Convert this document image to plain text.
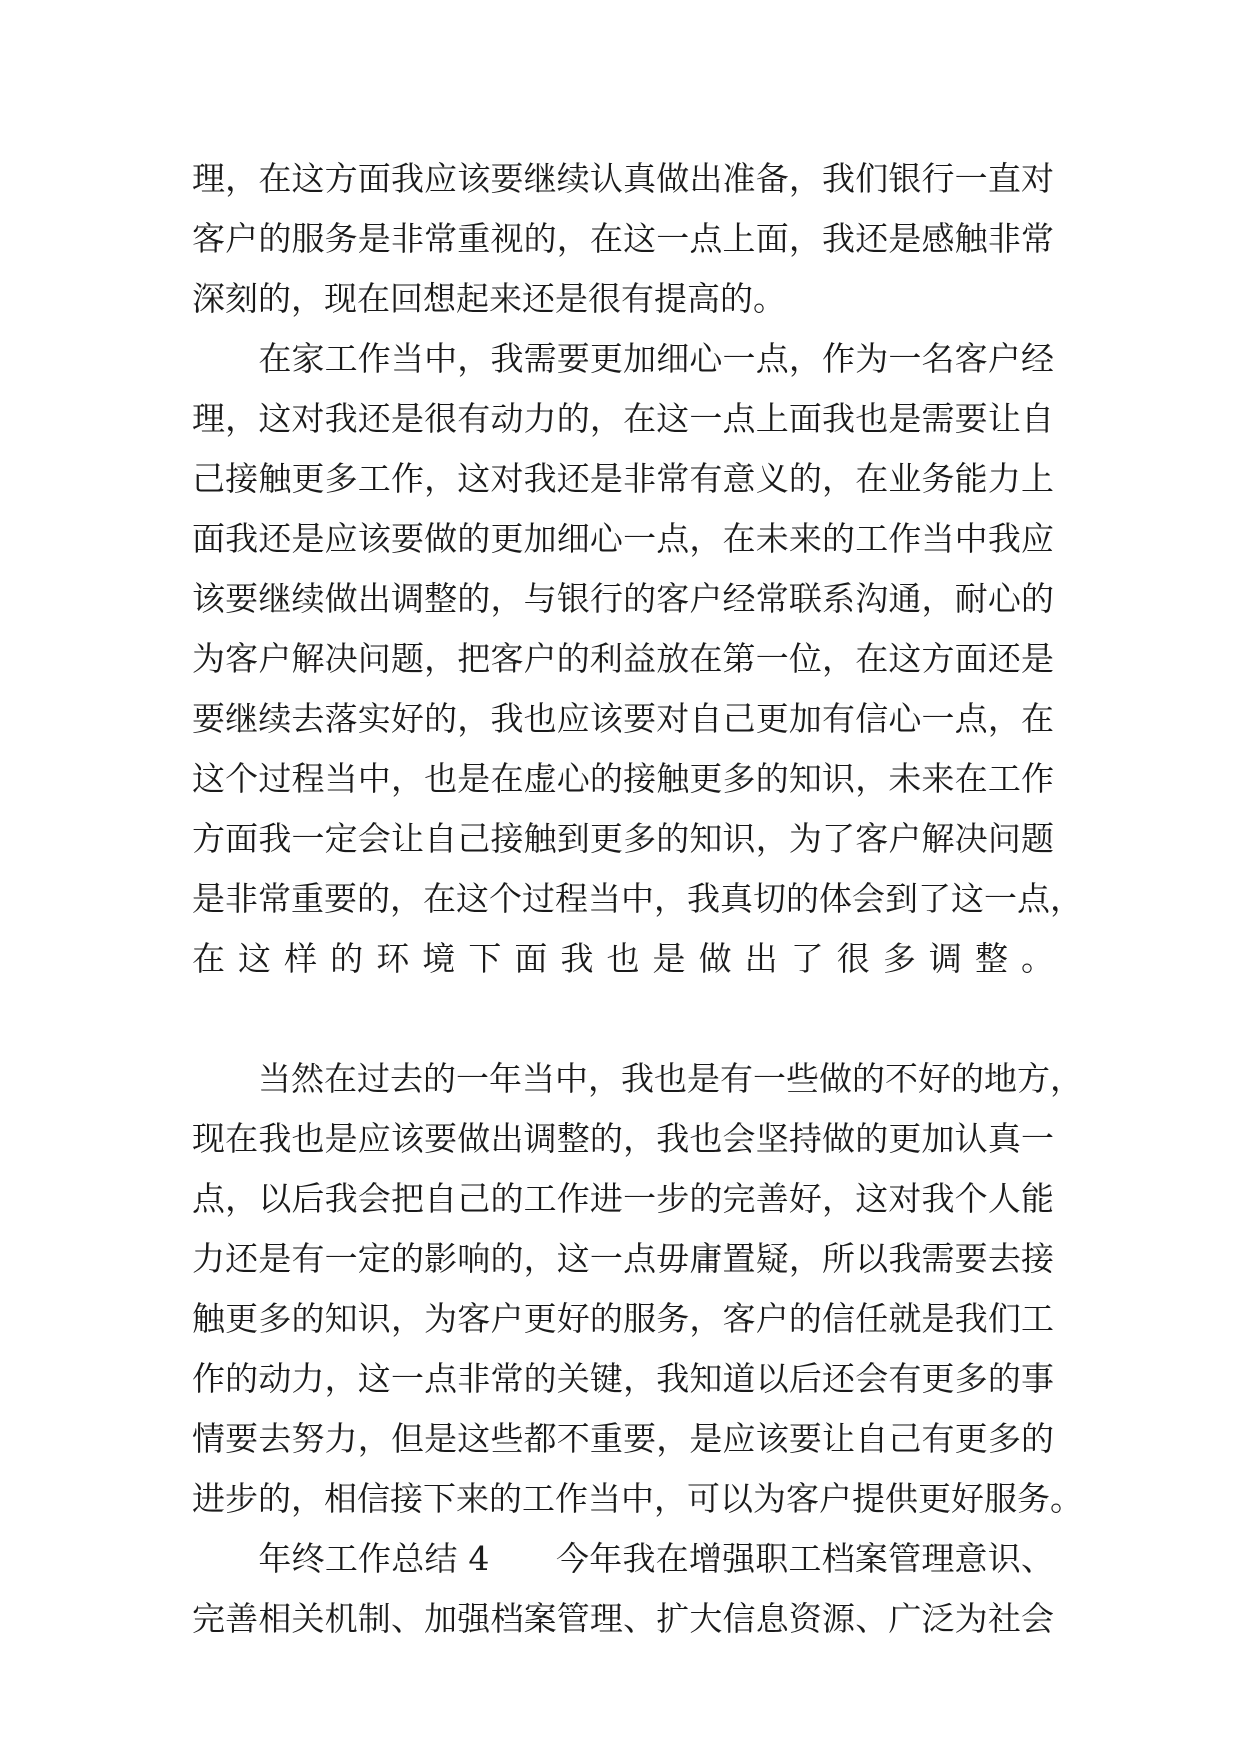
理，在这方面我应该要继续认真做出准备，我们银行一直对
客户的服务是非常重视的，在这一点上面，我还是感触非常
深刻的，现在回想起来还是很有提高的。
　　在家工作当中，我需要更加细心一点，作为一名客户经
理，这对我还是很有动力的，在这一点上面我也是需要让自
己接触更多工作，这对我还是非常有意义的，在业务能力上
面我还是应该要做的更加细心一点，在未来的工作当中我应
该要继续做出调整的，与银行的客户经常联系沟通，耐心的
为客户解决问题，把客户的利益放在第一位，在这方面还是
要继续去落实好的，我也应该要对自己更加有信心一点，在
这个过程当中，也是在虚心的接触更多的知识，未来在工作
方面我一定会让自己接触到更多的知识，为了客户解决问题
是非常重要的，在这个过程当中，我真切的体会到了这一点，
在这样的环境下面我也是做出了很多调整。
　　当然在过去的一年当中，我也是有一些做的不好的地方，
现在我也是应该要做出调整的，我也会坚持做的更加认真一
点，以后我会把自己的工作进一步的完善好，这对我个人能
力还是有一定的影响的，这一点毋庸置疑，所以我需要去接
触更多的知识，为客户更好的服务，客户的信任就是我们工
作的动力，这一点非常的关键，我知道以后还会有更多的事
情要去努力，但是这些都不重要，是应该要让自己有更多的
进步的，相信接下来的工作当中，可以为客户提供更好服务。
　　年终工作总结 4　　今年我在增强职工档案管理意识、
完善相关机制、加强档案管理、扩大信息资源、广泛为社会
